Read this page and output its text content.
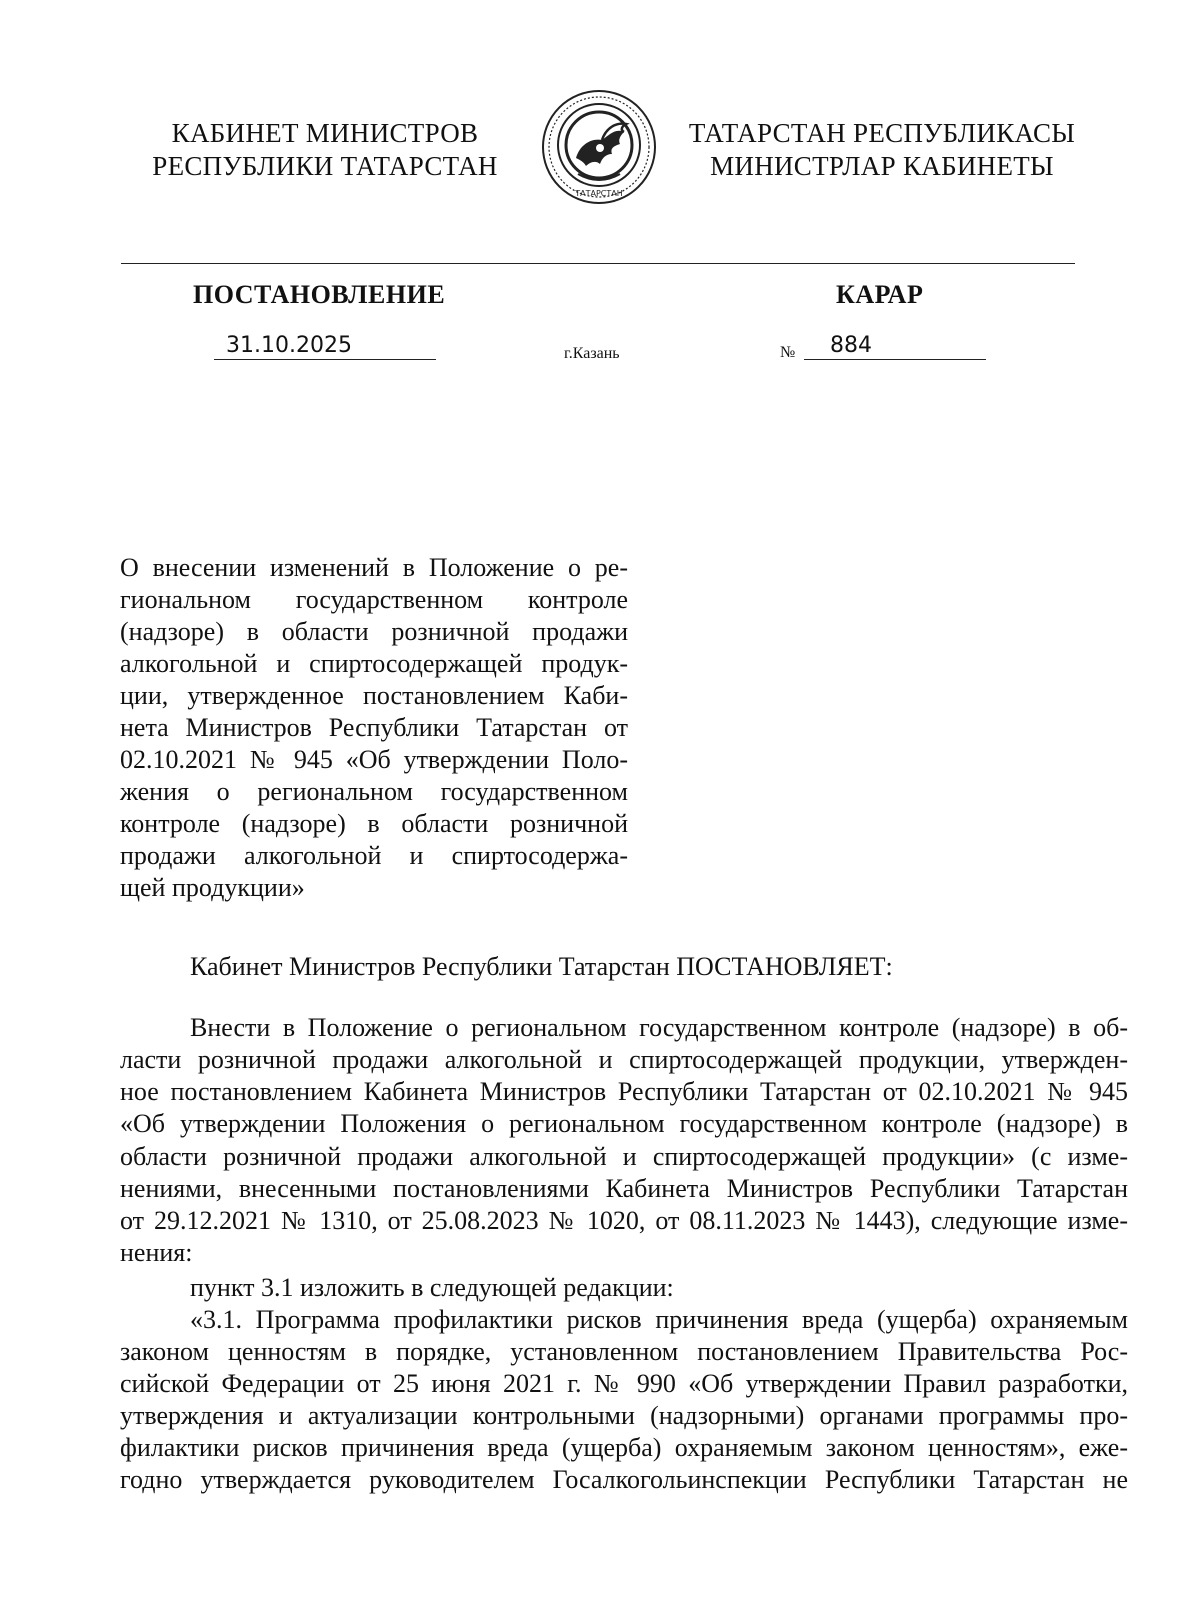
КАБИНЕТ МИНИСТРОВ
РЕСПУБЛИКИ ТАТАРСТАН
ТАТАРСТАН
ТАТАРСТАН РЕСПУБЛИКАСЫ
МИНИСТРЛАР КАБИНЕТЫ
ПОСТАНОВЛЕНИЕ	КАРАР
31.10.2025	г.Казань	№ 884
О внесении изменений в Положение о ре-
гиональном государственном контроле
(надзоре) в области розничной продажи
алкогольной и спиртосодержащей продук-
ции, утвержденное постановлением Каби-
нета Министров Республики Татарстан от
02.10.2021 № 945 «Об утверждении Поло-
жения о региональном государственном
контроле (надзоре) в области розничной
продажи алкогольной и спиртосодержа-
щей продукции»
Кабинет Министров Республики Татарстан ПОСТАНОВЛЯЕТ:
Внести в Положение о региональном государственном контроле (надзоре) в об-
ласти розничной продажи алкогольной и спиртосодержащей продукции, утвержден-
ное постановлением Кабинета Министров Республики Татарстан от 02.10.2021 № 945
«Об утверждении Положения о региональном государственном контроле (надзоре) в
области розничной продажи алкогольной и спиртосодержащей продукции» (с изме-
нениями, внесенными постановлениями Кабинета Министров Республики Татарстан
от 29.12.2021 № 1310, от 25.08.2023 № 1020, от 08.11.2023 № 1443), следующие изме-
нения:
пункт 3.1 изложить в следующей редакции:
«3.1. Программа профилактики рисков причинения вреда (ущерба) охраняемым
законом ценностям в порядке, установленном постановлением Правительства Рос-
сийской Федерации от 25 июня 2021 г. № 990 «Об утверждении Правил разработки,
утверждения и актуализации контрольными (надзорными) органами программы про-
филактики рисков причинения вреда (ущерба) охраняемым законом ценностям», еже-
годно утверждается руководителем Госалкогольинспекции Республики Татарстан не
